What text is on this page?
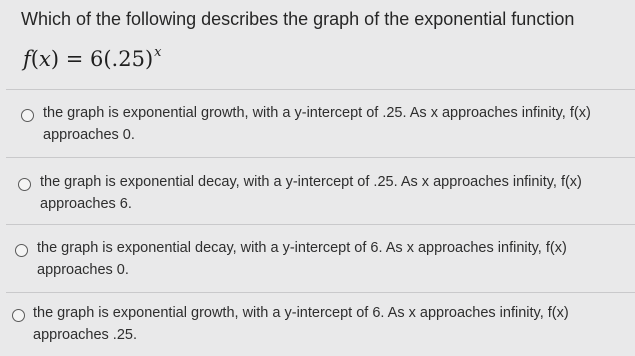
Which of the following describes the graph of the exponential function
$f(x) = 6(.25)^x$
the graph is exponential growth, with a y-intercept of .25. As x approaches infinity, f(x)
approaches 0.
the graph is exponential decay, with a y-intercept of .25. As x approaches infinity, f(x)
approaches 6.
the graph is exponential decay, with a y-intercept of 6. As x approaches infinity, f(x)
approaches 0.
the graph is exponential growth, with a y-intercept of 6. As x approaches infinity, f(x)
approaches .25.
